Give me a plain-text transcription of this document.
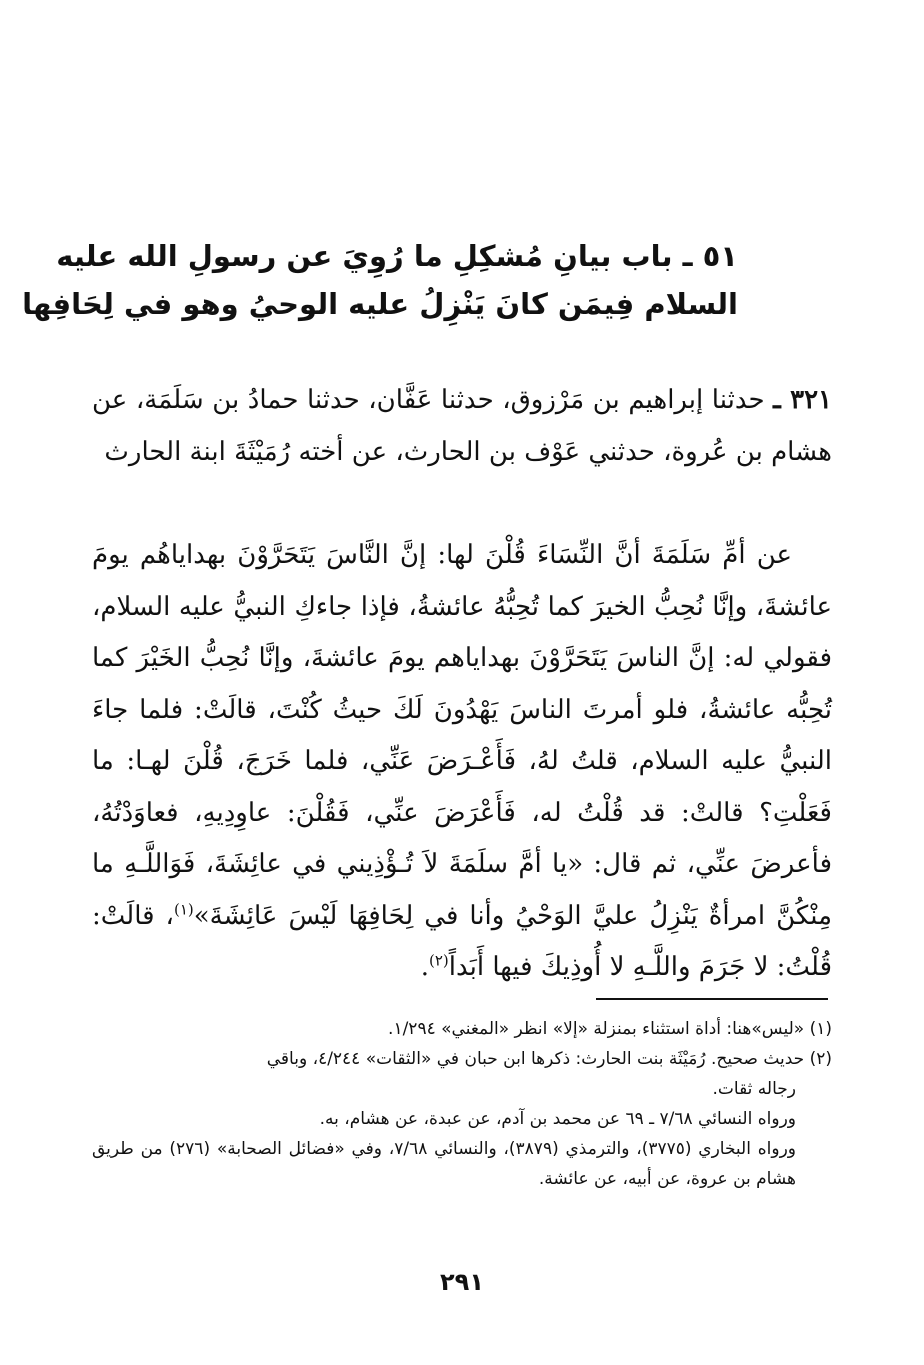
٥١ ـ باب بيانِ مُشكِلِ ما رُوِيَ عن رسولِ الله عليه
السلام فِيمَن كانَ يَنْزِلُ عليه الوحيُ وهو في لِحَافِها
٣٢١ ـ حدثنا إبراهيم بن مَرْزوق، حدثنا عَفَّان، حدثنا حمادُ بن سَلَمَة، عن هشام بن عُروة، حدثني عَوْف بن الحارث، عن أخته رُمَيْثَةَ ابنة الحارث
عن أمِّ سَلَمَةَ أنَّ النِّسَاءَ قُلْنَ لها: إنَّ النَّاسَ يَتَحَرَّوْنَ بهداياهُم يومَ عائشةَ، وإنَّا نُحِبُّ الخيرَ كما تُحِبُّهُ عائشةُ، فإذا جاءكِ النبيُّ عليه السلام، فقولي له: إنَّ الناسَ يَتَحَرَّوْنَ بهداياهم يومَ عائشةَ، وإنَّا نُحِبُّ الخَيْرَ كما تُحِبُّه عائشةُ، فلو أمرتَ الناسَ يَهْدُونَ لَكَ حيثُ كُنْتَ، قالَتْ: فلما جاءَ النبيُّ عليه السلام، قلتُ لهُ، فَأَعْـرَضَ عَنِّي، فلما خَرَجَ، قُلْنَ لهـا: ما فَعَلْتِ؟ قالتْ: قد قُلْتُ له، فَأَعْرَضَ عنِّي، فَقُلْنَ: عاوِدِيهِ، فعاوَدْتُهُ، فأعرضَ عنِّي، ثم قال: «يا أمَّ سلَمَةَ لاَ تُـؤْذِيني في عائِشَةَ، فَوَاللَّـهِ ما مِنْكُنَّ امرأةٌ يَنْزِلُ عليَّ الوَحْيُ وأنا في لِحَافِهَا لَيْسَ عَائِشَةَ»$^{(١)}$، قالَتْ: قُلْتُ: لا جَرَمَ واللَّـهِ لا أُوذِيكَ فيها أَبَداً$^{(٢)}$.

(١) «ليس»هنا: أداة استثناء بمنزلة «إلا» انظر «المغني» ١/٢٩٤.

(٢) حديث صحيح. رُمَيْثَة بنت الحارث: ذكرها ابن حبان في «الثقات» ٤/٢٤٤، وباقي

رجاله ثقات.

ورواه النسائي ٧/٦٨ ـ ٦٩ عن محمد بن آدم، عن عبدة، عن هشام، به.

ورواه البخاري (٣٧٧٥)، والترمذي (٣٨٧٩)، والنسائي ٧/٦٨، وفي «فضائل الصحابة» (٢٧٦) من طريق هشام بن عروة، عن أبيه، عن عائشة.

٢٩١
